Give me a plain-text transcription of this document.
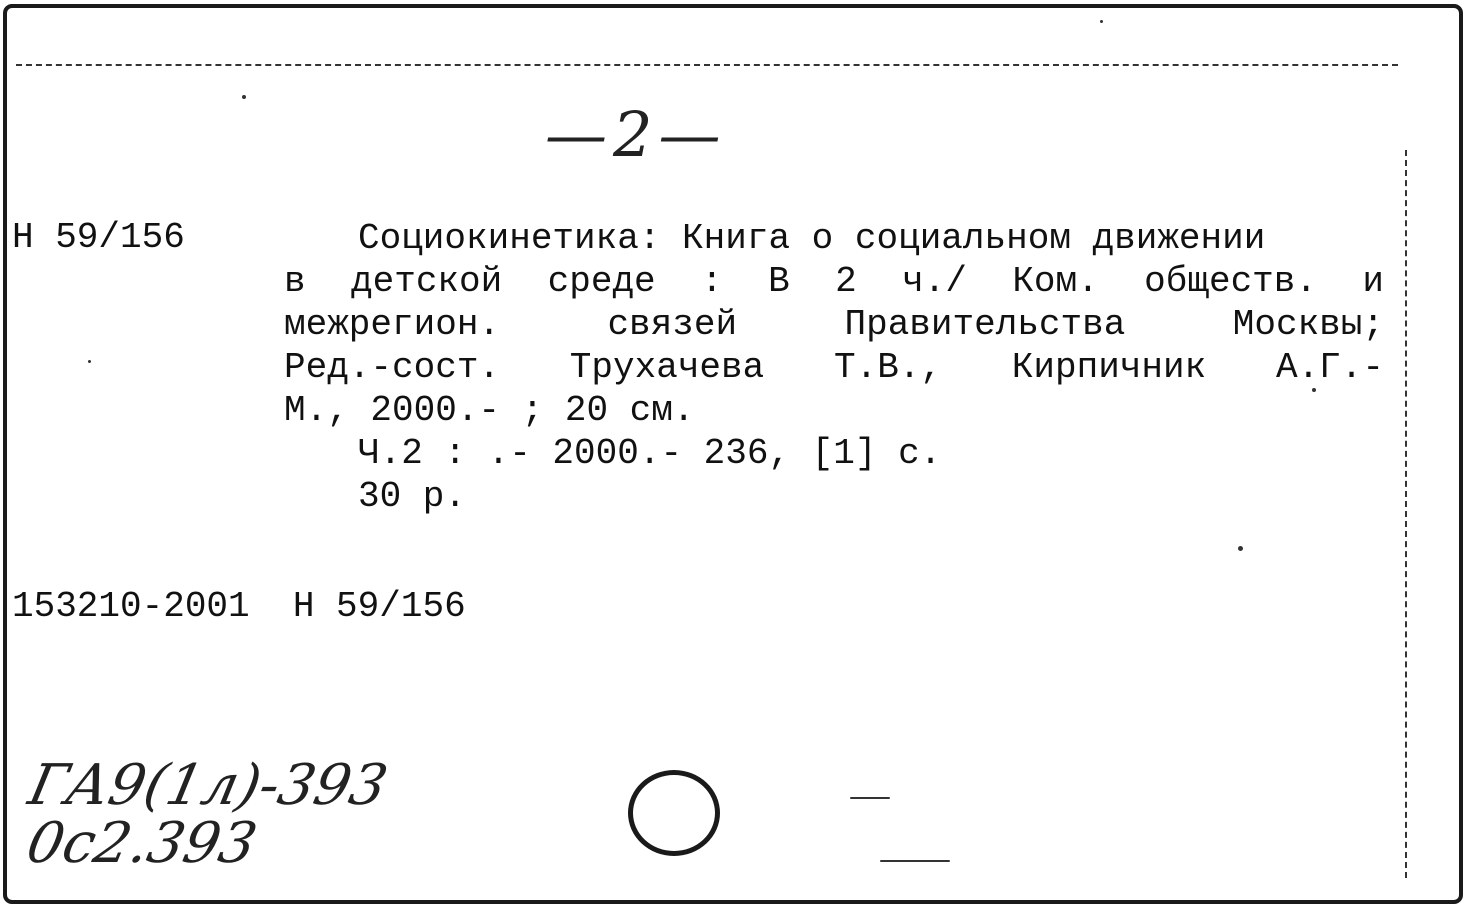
—2—
Н 59/156	Социокинетика: Книга о социальном движении
в детской среде : В 2 ч./ Ком. обществ. и
межрегион. связей Правительства Москвы;
Ред.-сост. Трухачева Т.В., Кирпичник А.Г.-
М., 2000.- ; 20 см.
Ч.2 : .- 2000.- 236, [1] с.
30 р.
153210-2001  Н 59/156
ГА9(1л)-393
0с2.393
